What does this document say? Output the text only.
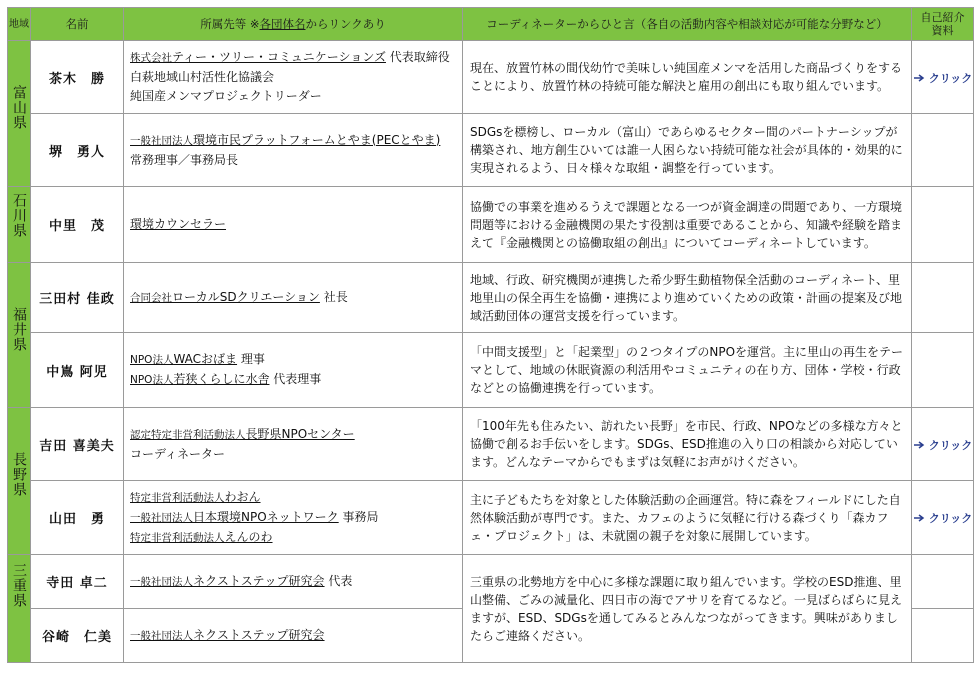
地域	名前	所属先等 ※各団体名からリンクあり	コーディネーターからひと言（各自の活動内容や相談対応が可能な分野など）	自己紹介
資料

富山県	茶木　勝	株式会社ティー・ツリー・コミュニケーションズ 代表取締役
白萩地域山村活性化協議会
純国産メンマプロジェクトリーダー	現在、放置竹林の間伐幼竹で美味しい純国産メンマを活用した商品づくりをすることにより、放置竹林の持続可能な解決と雇用の創出にも取り組んでいます。	クリック

	堺　勇人	一般社団法人環境市民プラットフォームとやま(PECとやま)
常務理事／事務局長	SDGsを標榜し、ローカル（富山）であらゆるセクター間のパートナーシップが構築され、地方創生ひいては誰一人困らない持続可能な社会が具体的・効果的に実現されるよう、日々様々な取組・調整を行っています。	
石川県	中里　茂	環境カウンセラー	協働での事業を進めるうえで課題となる一つが資金調達の問題であり、一方環境問題等における金融機関の果たす役割は重要であることから、知識や経験を踏まえて『金融機関との協働取組の創出』についてコーディネートしています。	
福井県	三田村 佳政	合同会社ローカルSDクリエーション 社長	地域、行政、研究機関が連携した希少野生動植物保全活動のコーディネート、里地里山の保全再生を協働・連携により進めていくための政策・計画の提案及び地域活動団体の運営支援を行っています。	
	中嶌 阿児	NPO法人WACおばま 理事
NPO法人若狭くらしに水舎 代表理事	「中間支援型」と「起業型」の２つタイプのNPOを運営。主に里山の再生をテーマとして、地域の休眠資源の利活用やコミュニティの在り方、団体・学校・行政などとの協働連携を行っています。	
長野県	吉田 喜美夫	認定特定非営利活動法人長野県NPOセンター
コーディネーター	「100年先も住みたい、訪れたい長野」を市民、行政、NPOなどの多様な方々と協働で創るお手伝いをします。SDGs、ESD推進の入り口の相談から対応しています。どんなテーマからでもまずは気軽にお声がけください。	クリック

	山田　勇	特定非営利活動法人わおん
一般社団法人日本環境NPOネットワーク 事務局
特定非営利活動法人えんのわ	主に子どもたちを対象とした体験活動の企画運営。特に森をフィールドにした自然体験活動が専門です。また、カフェのように気軽に行ける森づくり「森カフェ・プロジェクト」は、未就園の親子を対象に展開しています。	クリック

三重県	寺田 卓二	一般社団法人ネクストステップ研究会 代表	三重県の北勢地方を中心に多様な課題に取り組んでいます。学校のESD推進、里山整備、ごみの減量化、四日市の海でアサリを育てるなど。一見ばらばらに見えますが、ESD、SDGsを通してみるとみんなつながってきます。興味がありましたらご連絡ください。	
	谷崎　仁美	一般社団法人ネクストステップ研究会		
